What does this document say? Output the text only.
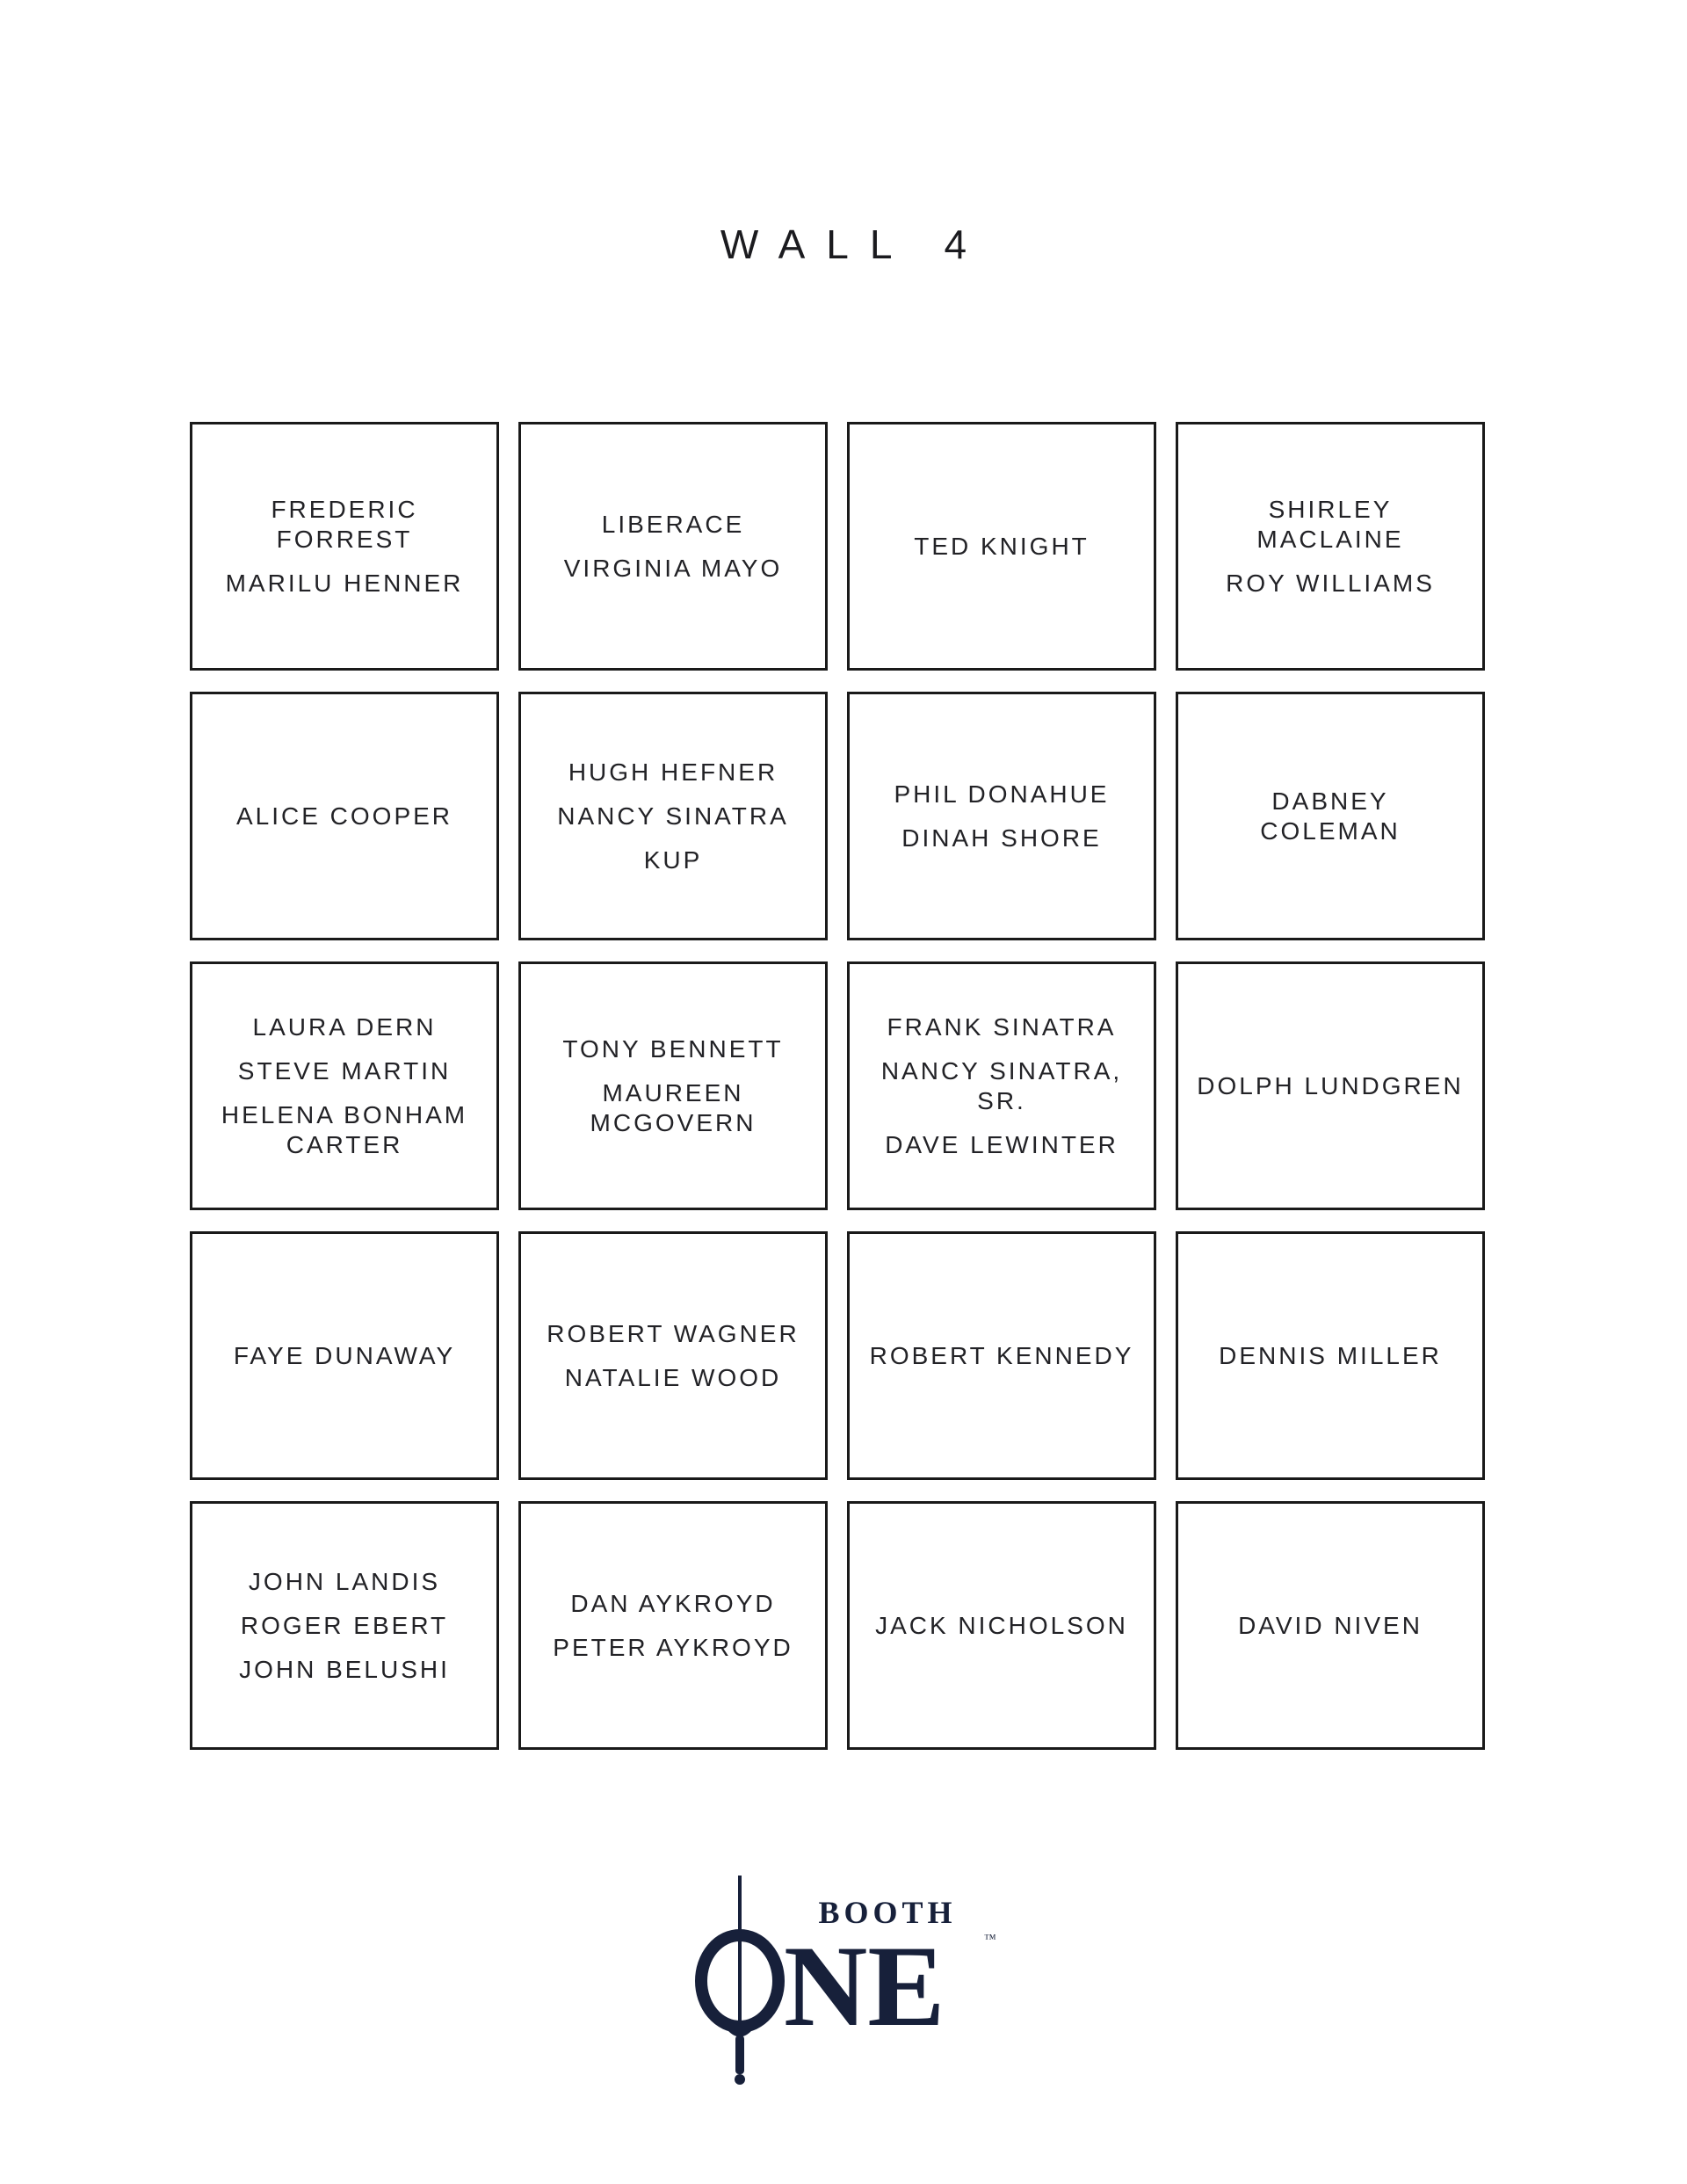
WALL 4
FREDERIC FORREST
MARILU HENNER
LIBERACE
VIRGINIA MAYO
TED KNIGHT
SHIRLEY MACLAINE
ROY WILLIAMS
ALICE COOPER
HUGH HEFNER
NANCY SINATRA
KUP
PHIL DONAHUE
DINAH SHORE
DABNEY COLEMAN
LAURA DERN
STEVE MARTIN
HELENA BONHAM CARTER
TONY BENNETT
MAUREEN MCGOVERN
FRANK SINATRA
NANCY SINATRA, SR.
DAVE LEWINTER
DOLPH LUNDGREN
FAYE DUNAWAY
ROBERT WAGNER
NATALIE WOOD
ROBERT KENNEDY	DENNIS MILLER
JOHN LANDIS
ROGER EBERT
JOHN BELUSHI
DAN AYKROYD
PETER AYKROYD
JACK NICHOLSON	DAVID NIVEN
BOOTH
NE	™
